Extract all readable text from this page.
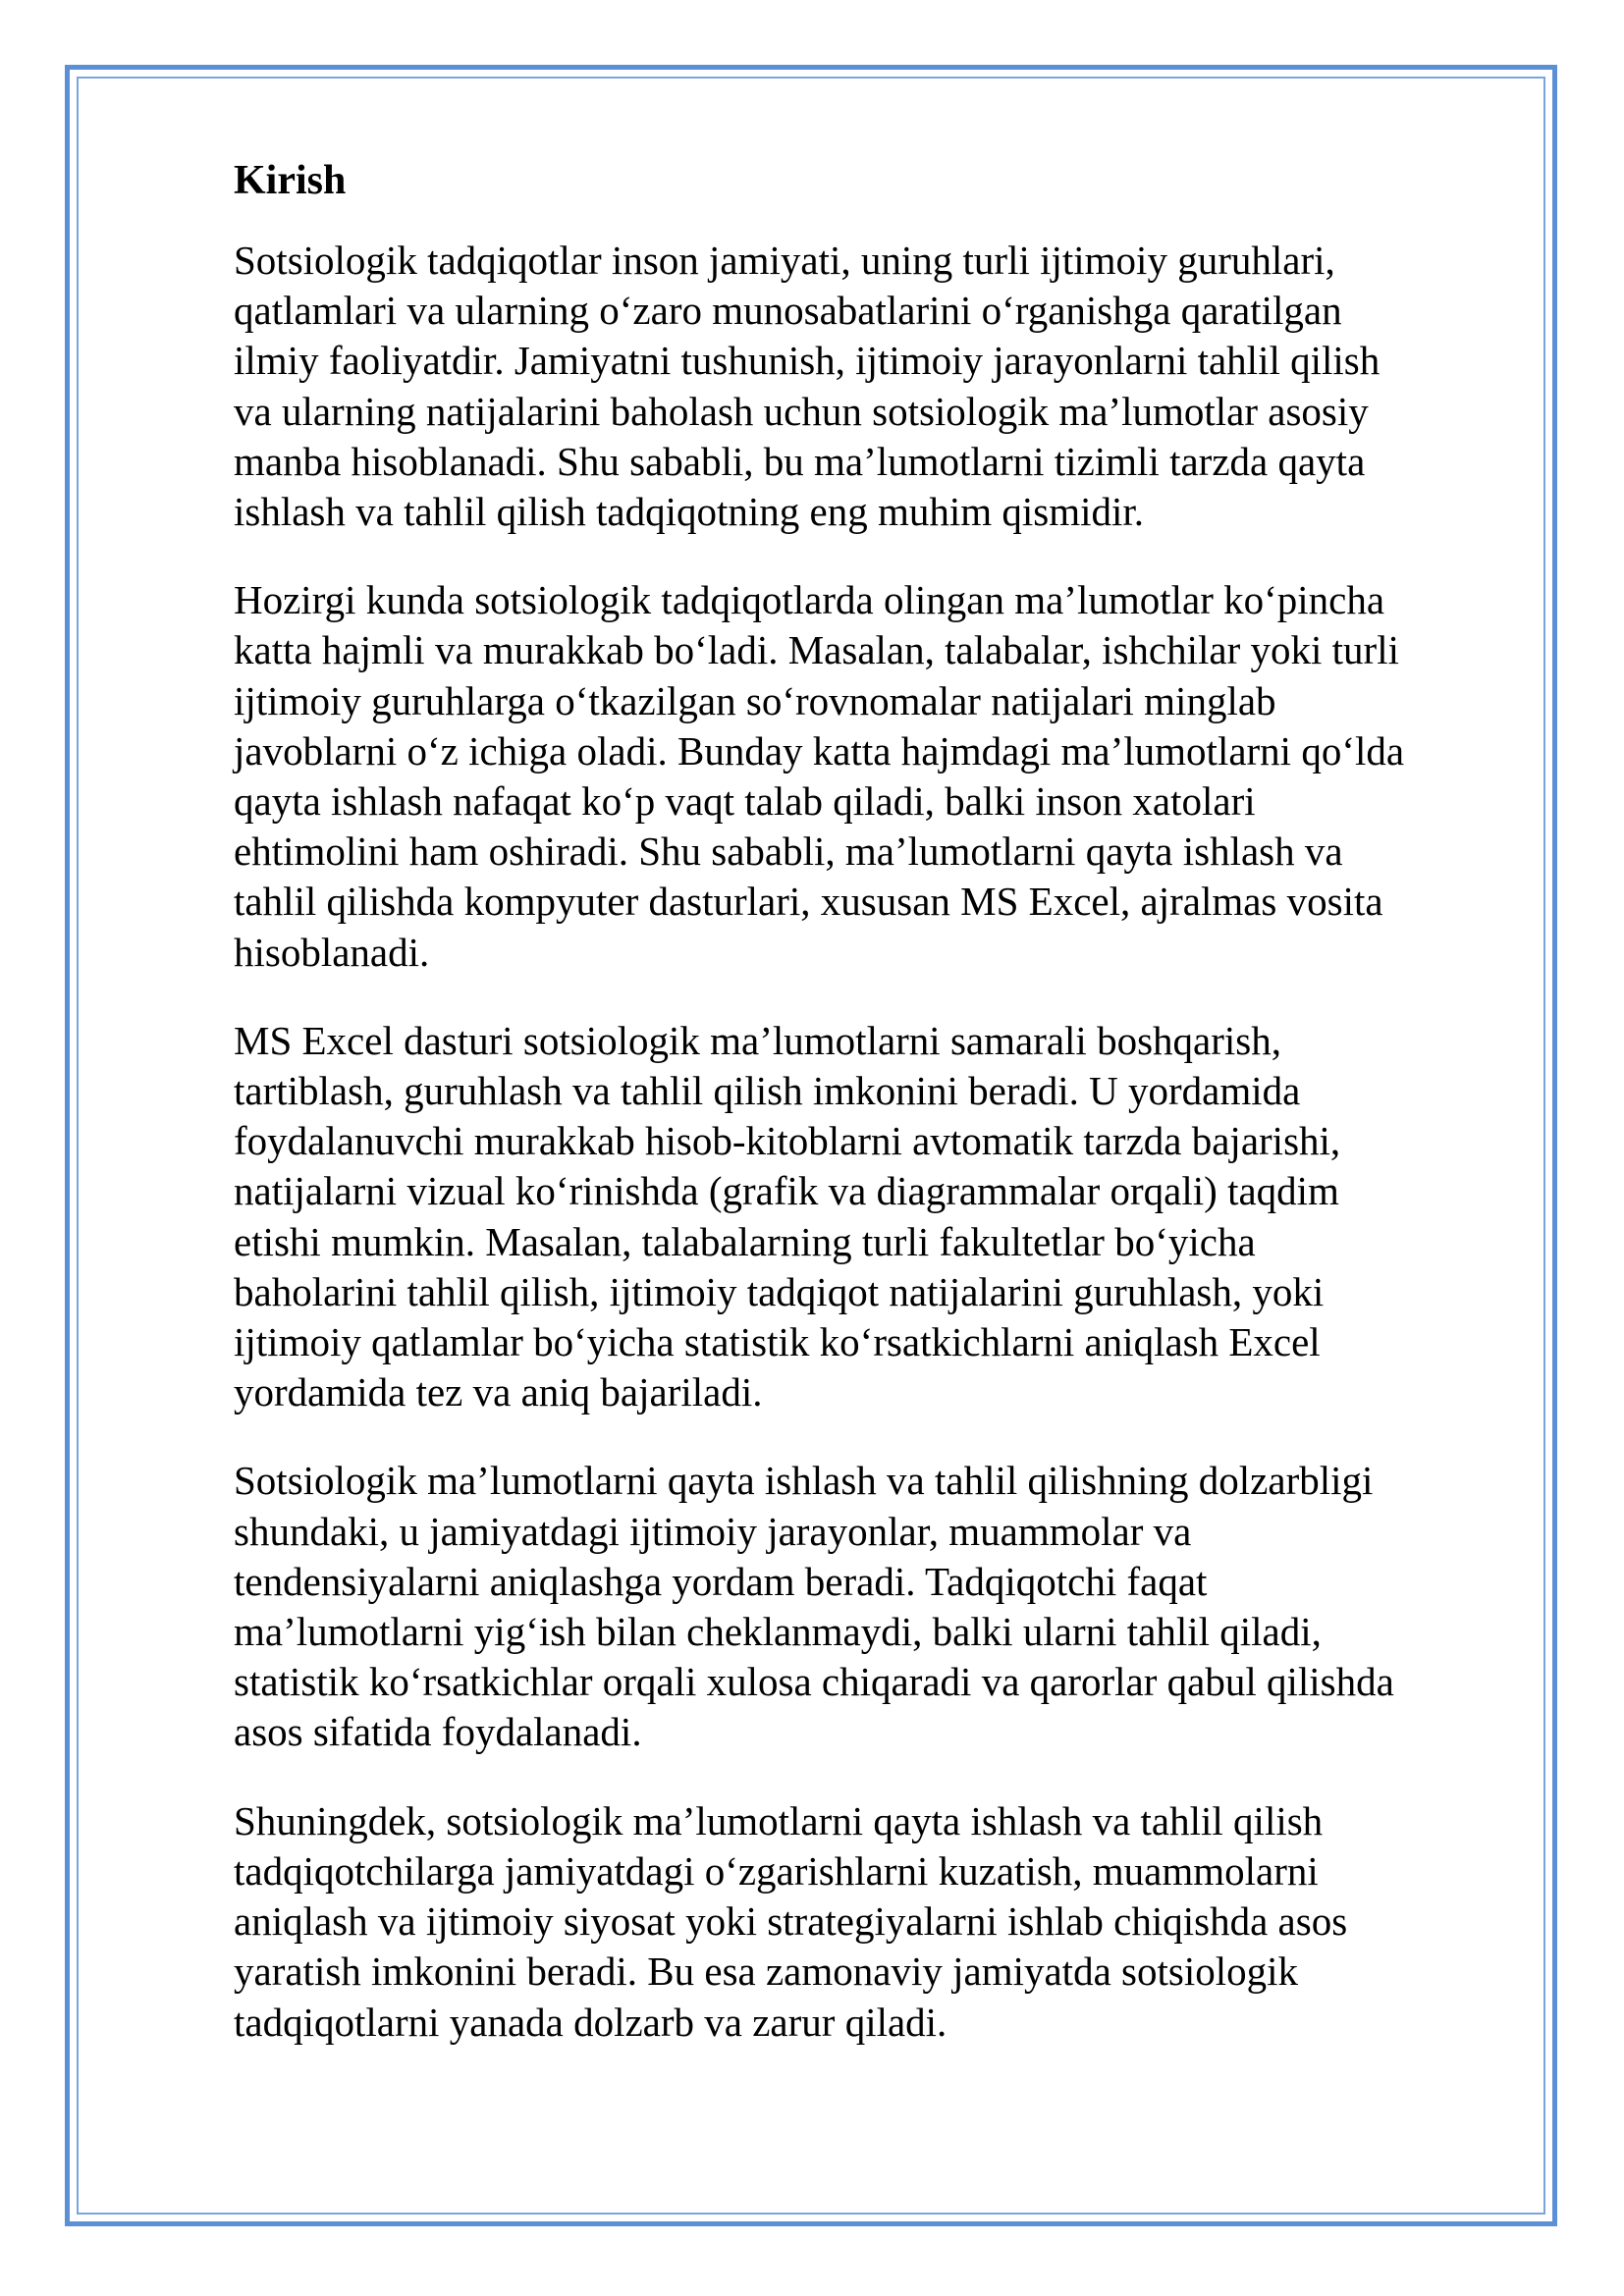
Kirish
Sotsiologik tadqiqotlar inson jamiyati, uning turli ijtimoiy guruhlari,
qatlamlari va ularning o‘zaro munosabatlarini o‘rganishga qaratilgan
ilmiy faoliyatdir. Jamiyatni tushunish, ijtimoiy jarayonlarni tahlil qilish
va ularning natijalarini baholash uchun sotsiologik ma’lumotlar asosiy
manba hisoblanadi. Shu sababli, bu ma’lumotlarni tizimli tarzda qayta
ishlash va tahlil qilish tadqiqotning eng muhim qismidir.
Hozirgi kunda sotsiologik tadqiqotlarda olingan ma’lumotlar ko‘pincha
katta hajmli va murakkab bo‘ladi. Masalan, talabalar, ishchilar yoki turli
ijtimoiy guruhlarga o‘tkazilgan so‘rovnomalar natijalari minglab
javoblarni o‘z ichiga oladi. Bunday katta hajmdagi ma’lumotlarni qo‘lda
qayta ishlash nafaqat ko‘p vaqt talab qiladi, balki inson xatolari
ehtimolini ham oshiradi. Shu sababli, ma’lumotlarni qayta ishlash va
tahlil qilishda kompyuter dasturlari, xususan MS Excel, ajralmas vosita
hisoblanadi.
MS Excel dasturi sotsiologik ma’lumotlarni samarali boshqarish,
tartiblash, guruhlash va tahlil qilish imkonini beradi. U yordamida
foydalanuvchi murakkab hisob-kitoblarni avtomatik tarzda bajarishi,
natijalarni vizual ko‘rinishda (grafik va diagrammalar orqali) taqdim
etishi mumkin. Masalan, talabalarning turli fakultetlar bo‘yicha
baholarini tahlil qilish, ijtimoiy tadqiqot natijalarini guruhlash, yoki
ijtimoiy qatlamlar bo‘yicha statistik ko‘rsatkichlarni aniqlash Excel
yordamida tez va aniq bajariladi.
Sotsiologik ma’lumotlarni qayta ishlash va tahlil qilishning dolzarbligi
shundaki, u jamiyatdagi ijtimoiy jarayonlar, muammolar va
tendensiyalarni aniqlashga yordam beradi. Tadqiqotchi faqat
ma’lumotlarni yig‘ish bilan cheklanmaydi, balki ularni tahlil qiladi,
statistik ko‘rsatkichlar orqali xulosa chiqaradi va qarorlar qabul qilishda
asos sifatida foydalanadi.
Shuningdek, sotsiologik ma’lumotlarni qayta ishlash va tahlil qilish
tadqiqotchilarga jamiyatdagi o‘zgarishlarni kuzatish, muammolarni
aniqlash va ijtimoiy siyosat yoki strategiyalarni ishlab chiqishda asos
yaratish imkonini beradi. Bu esa zamonaviy jamiyatda sotsiologik
tadqiqotlarni yanada dolzarb va zarur qiladi.
